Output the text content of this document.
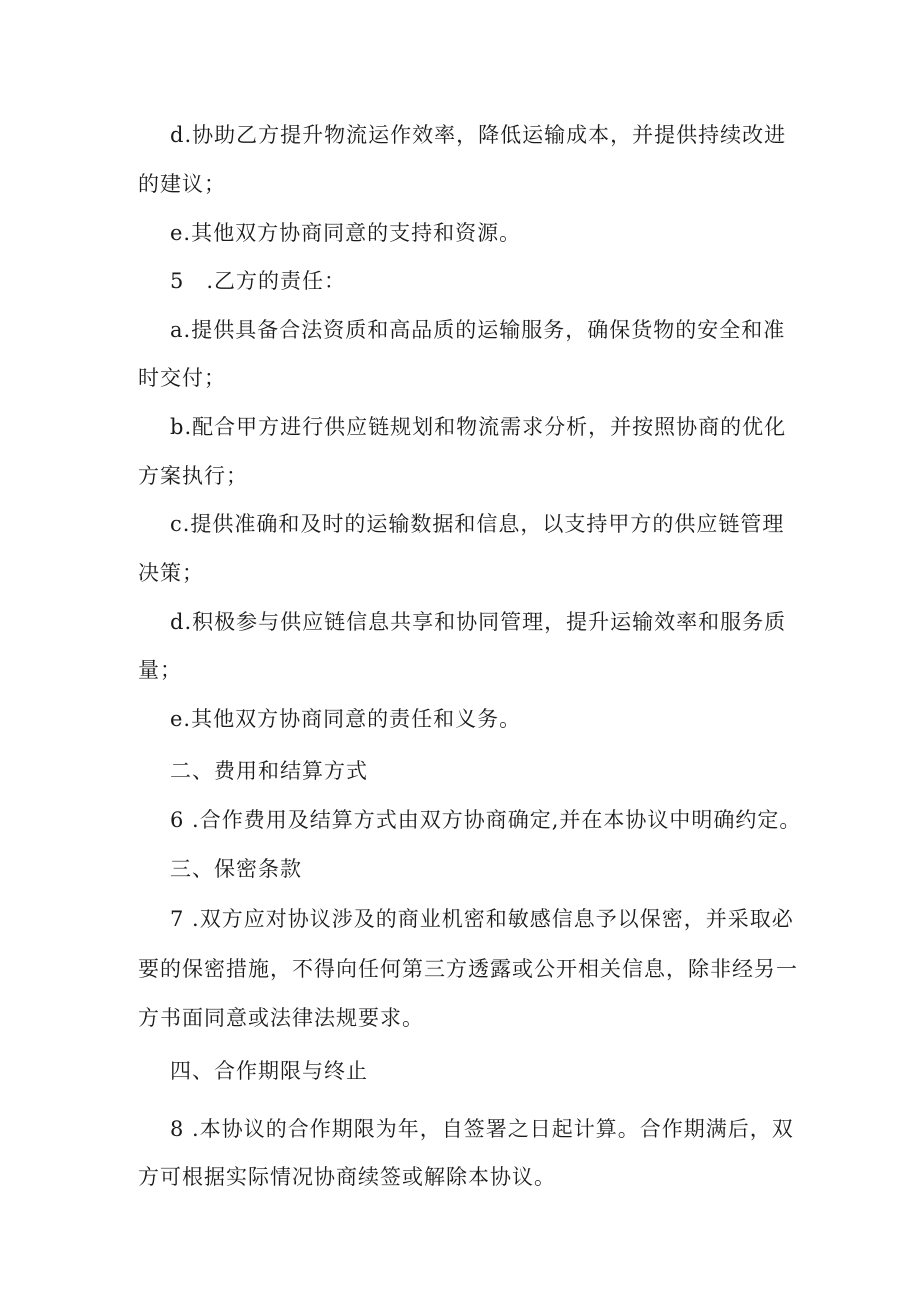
d.协助乙方提升物流运作效率，降低运输成本，并提供持续改进
的建议；
e.其他双方协商同意的支持和资源。
5　.乙方的责任：
a.提供具备合法资质和高品质的运输服务，确保货物的安全和准
时交付；
b.配合甲方进行供应链规划和物流需求分析，并按照协商的优化
方案执行；
c.提供准确和及时的运输数据和信息，以支持甲方的供应链管理
决策；
d.积极参与供应链信息共享和协同管理，提升运输效率和服务质
量；
e.其他双方协商同意的责任和义务。
二、费用和结算方式
6 .合作费用及结算方式由双方协商确定,并在本协议中明确约定。
三、保密条款
7 .双方应对协议涉及的商业机密和敏感信息予以保密，并采取必
要的保密措施，不得向任何第三方透露或公开相关信息，除非经另一
方书面同意或法律法规要求。
四、合作期限与终止
8 .本协议的合作期限为年，自签署之日起计算。合作期满后，双
方可根据实际情况协商续签或解除本协议。
